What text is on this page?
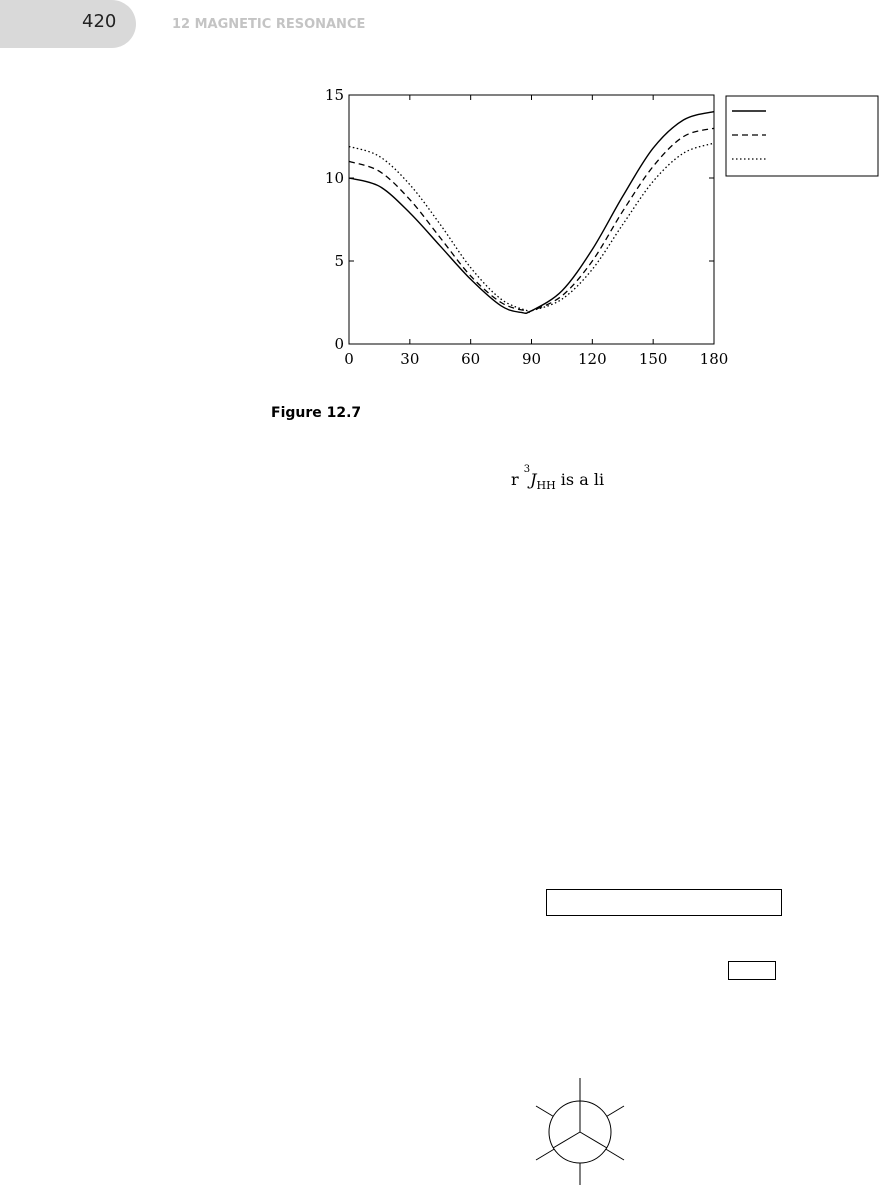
420	12 MAGNETIC RESONANCE
0	30	60	90 120 150 180
0
5
10
15
Figure 12.7
r $^3J_{HH}$ is a li
